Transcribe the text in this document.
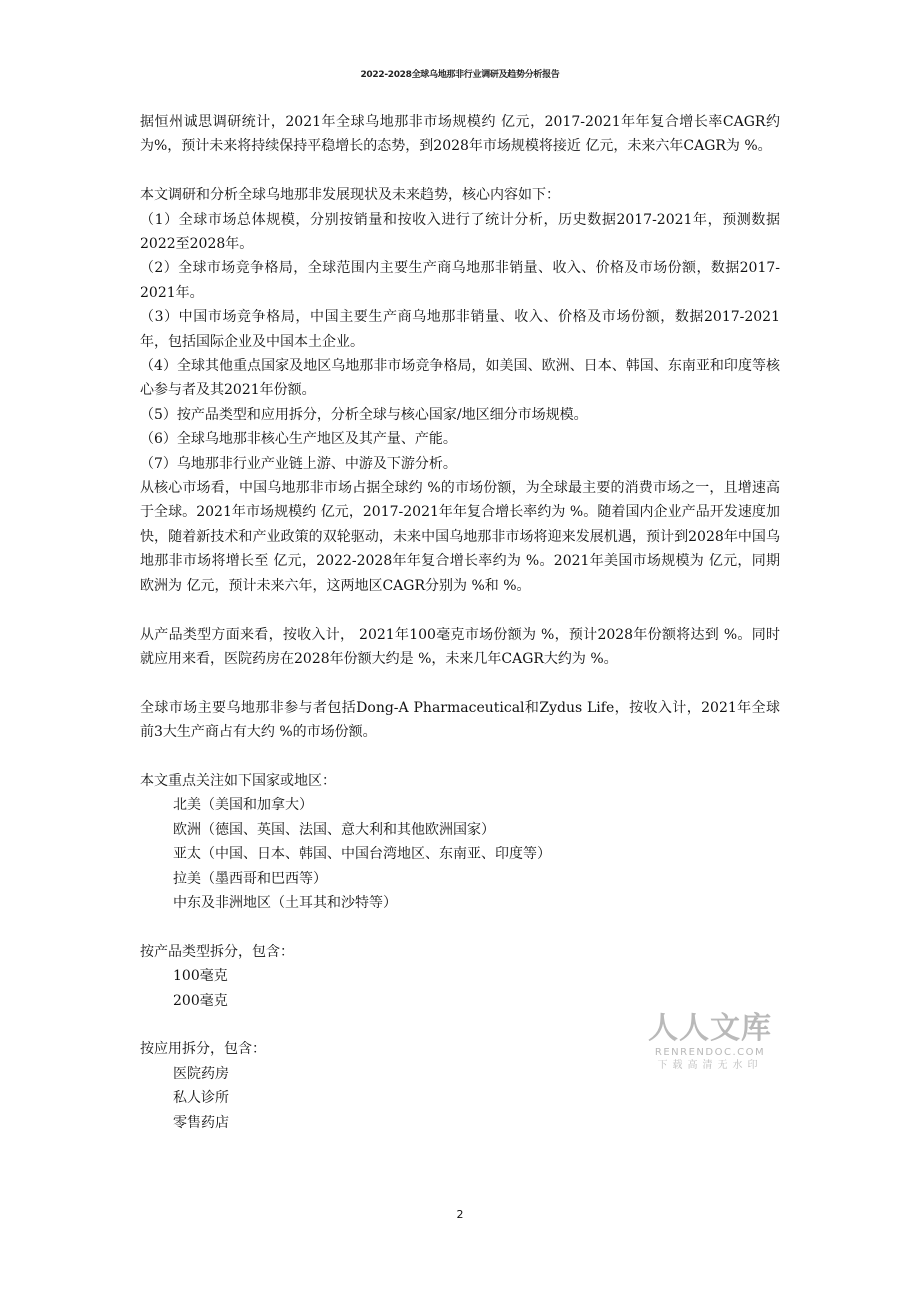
2022-2028全球乌地那非行业调研及趋势分析报告

据恒州诚思调研统计，2021年全球乌地那非市场规模约 亿元，2017-2021年年复合增长率CAGR约为%，预计未来将持续保持平稳增长的态势，到2028年市场规模将接近 亿元，未来六年CAGR为 %。

本文调研和分析全球乌地那非发展现状及未来趋势，核心内容如下：

（1）全球市场总体规模，分别按销量和按收入进行了统计分析，历史数据2017-2021年，预测数据2022至2028年。

（2）全球市场竞争格局，全球范围内主要生产商乌地那非销量、收入、价格及市场份额，数据2017-2021年。

（3）中国市场竞争格局，中国主要生产商乌地那非销量、收入、价格及市场份额，数据2017-2021年，包括国际企业及中国本土企业。

（4）全球其他重点国家及地区乌地那非市场竞争格局，如美国、欧洲、日本、韩国、东南亚和印度等核心参与者及其2021年份额。

（5）按产品类型和应用拆分，分析全球与核心国家/地区细分市场规模。

（6）全球乌地那非核心生产地区及其产量、产能。

（7）乌地那非行业产业链上游、中游及下游分析。

从核心市场看，中国乌地那非市场占据全球约 %的市场份额，为全球最主要的消费市场之一，且增速高于全球。2021年市场规模约 亿元，2017-2021年年复合增长率约为 %。随着国内企业产品开发速度加快，随着新技术和产业政策的双轮驱动，未来中国乌地那非市场将迎来发展机遇，预计到2028年中国乌地那非市场将增长至 亿元，2022-2028年年复合增长率约为 %。2021年美国市场规模为 亿元，同期欧洲为 亿元，预计未来六年，这两地区CAGR分别为 %和 %。

从产品类型方面来看，按收入计， 2021年100毫克市场份额为 %，预计2028年份额将达到 %。同时就应用来看，医院药房在2028年份额大约是 %，未来几年CAGR大约为 %。

全球市场主要乌地那非参与者包括Dong-A Pharmaceutical和Zydus Life，按收入计，2021年全球前3大生产商占有大约 %的市场份额。

本文重点关注如下国家或地区：

北美（美国和加拿大）

欧洲（德国、英国、法国、意大利和其他欧洲国家）

亚太（中国、日本、韩国、中国台湾地区、东南亚、印度等）

拉美（墨西哥和巴西等）

中东及非洲地区（土耳其和沙特等）

按产品类型拆分，包含：

100毫克

200毫克

按应用拆分，包含：

医院药房

私人诊所

零售药店

人人文库
RENRENDOC.COM
下载高清无水印
2
